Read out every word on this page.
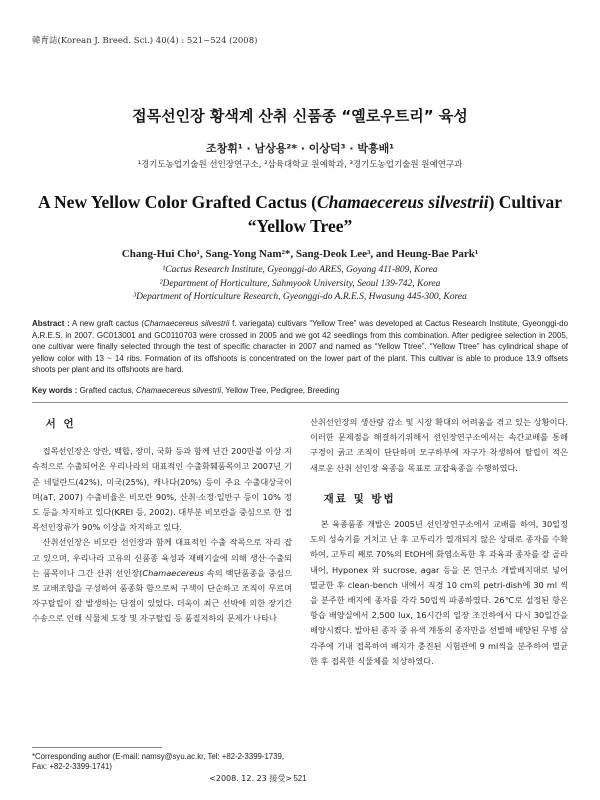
韓育誌(Korean J. Breed. Sci.) 40(4) : 521~524 (2008)
접목선인장 황색계 산취 신품종 “옐로우트리” 육성
조창휘¹ · 남상용²* · 이상덕³ · 박흥배¹
¹경기도농업기술원 선인장연구소, ²삼육대학교 원예학과, ³경기도농업기술원 원예연구과
A New Yellow Color Grafted Cactus (Chamaecereus silvestrii) Cultivar
“Yellow Tree”
Chang-Hui Cho¹, Sang-Yong Nam²*, Sang-Deok Lee³, and Heung-Bae Park¹
¹Cactus Research Institute, Gyeonggi-do ARES, Goyang 411-809, Korea
²Department of Horticulture, Sahmyook University, Seoul 139-742, Korea
³Department of Horticulture Research, Gyeonggi-do A.R.E.S, Hwasung 445-300, Korea
Abstract : A new graft cactus (Chamaecereus silvestrii f. variegata) cultivars “Yellow Tree” was developed at Cactus Research Institute, Gyeonggi-do A.R.E.S. in 2007. GC013001 and GC0110703 were crossed in 2005 and we got 42 seedlings from this combination. After pedigree selection in 2005, one cultivar were finally selected through the test of specific character in 2007 and named as “Yellow Ttree”. “Yellow Ttree” has cylindrical shape of yellow color with 13 ~ 14 ribs. Formation of its offshoots is concentrated on the lower part of the plant. This cultivar is able to produce 13.9 offsets shoots per plant and its offshoots are hard.
Key words : Grafted cactus, Chamaecereus silvestrii, Yellow Tree, Pedigree, Breeding

서 언

접목선인장은 양란, 백합, 장미, 국화 등과 함께 년간 200만불 이상 지속적으로 수출되어온 우리나라의 대표적인 수출화훼품목이고 2007년 기준 네덜란드(42%), 미국(25%), 캐나다(20%) 등이 주요 수출대상국이며(aT, 2007) 수출비율은 비모란 90%, 산취·소정·일반구 등이 10% 정도 등을 차지하고 있다(KREI 등, 2002). 대부분 비모란을 중심으로 한 접목선인장류가 90% 이상을 차지하고 있다.

산취선인장은 비모란 선인장과 함께 대표적인 수출 작목으로 자리 잡고 있으며, 우리나라 고유의 신품종 육성과 재배기술에 의해 생산·수출되는 품목이나 그간 산취 선인장(Chamaecereus 속의 백단품종을 중심으로 교배조합을 구성하여 품종화 함으로써 구색이 단순하고 조직이 무르며 자구탈립이 잘 발생하는 단점이 있었다. 더욱이 최근 선박에 의한 장기간 수송으로 인해 식물체 도장 및 자구탈립 등 품질저하의 문제가 나타나

*Corresponding author (E-mail: namsy@syu.ac.kr, Tel: +82-2-3399-1739, Fax: +82-2-3399-1741)
<2008. 12. 23 接受>

산취선인장의 생산량 감소 및 시장 확대의 어려움을 겪고 있는 상황이다. 이러한 문제점을 해결하기위해서 선인장연구소에서는 속간교배를 통해 구경이 굵고 조직이 단단하며 모구하부에 자구가 착생하여 탈립이 적은 새로운 산취 선인장 육종을 목표로 교잡육종을 수행하였다.

재료 및 방법

본 육종품종 개발은 2005년 선인장연구소에서 교배를 하여, 30일정도의 성숙기를 거치고 난 후 고투리가 열개되지 않은 상태로 종자를 수확하여, 고투리 째로 70%의 EtOH에 화염소독한 후 과육과 종자를 잘 골라내어, Hyponex 와 sucrose, agar 등을 본 연구소 개발배지대로 넣어 멸균한 후 clean-bench 내에서 직경 10 cm의 petri-dish에 30 ml 씩을 분주한 배지에 종자를 각각 50립씩 파종하였다. 26℃로 설정된 항온항습 배양실에서 2,500 lux, 16시간의 일장 조건하에서 다시 30일간을 배양시켰다. 발아된 종자 중 유색 계통의 종자만을 선별해 배양된 무병 삼각주에 기내 접목하여 배지가 충진된 시험관에 9 ml씩을 분주하여 멸균한 후 접목한 식물체를 치상하였다.

521
